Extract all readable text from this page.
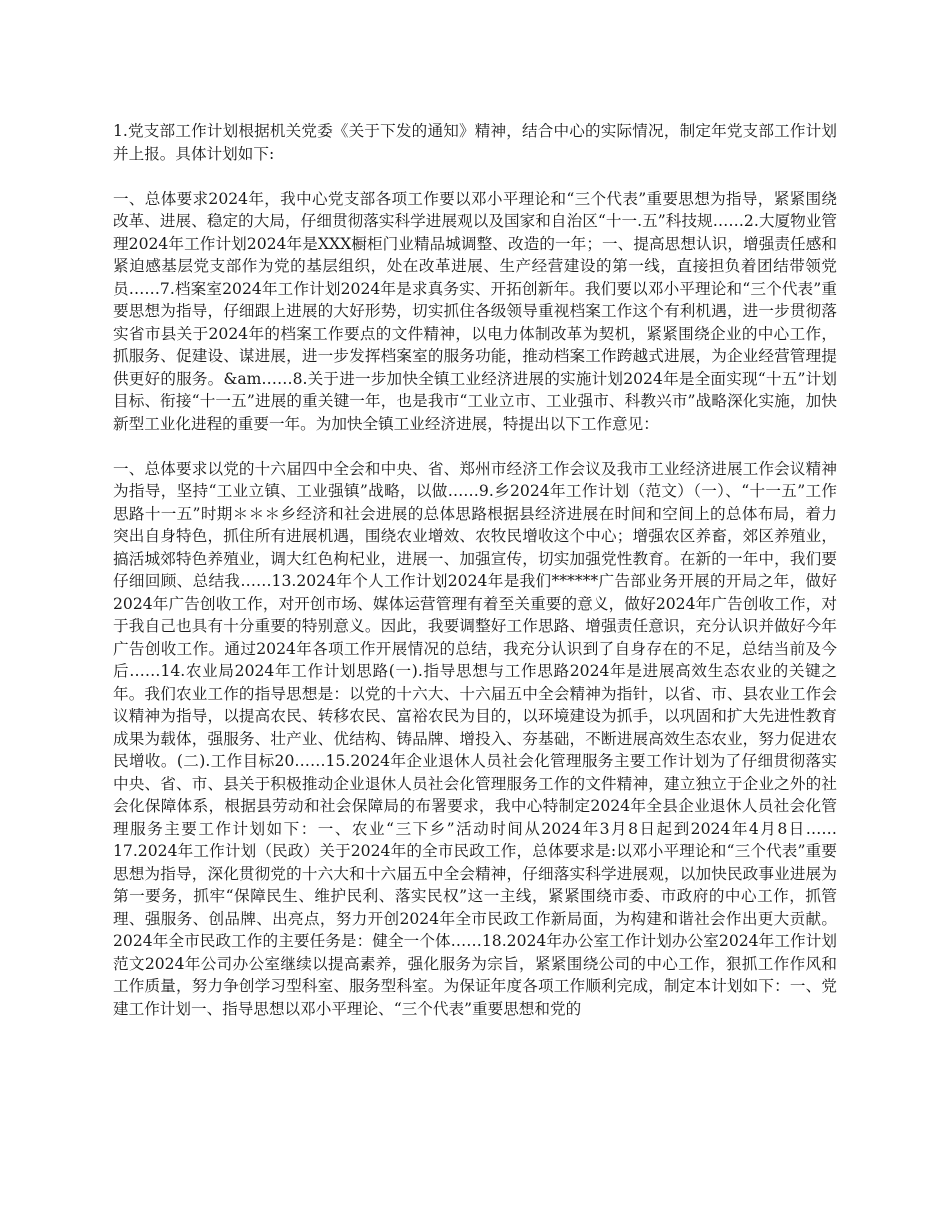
1.党支部工作计划根据机关党委《关于下发的通知》精神，结合中心的实际情况，制定年党支部工作计划并上报。具体计划如下:

一、总体要求2024年，我中心党支部各项工作要以邓小平理论和“三个代表”重要思想为指导，紧紧围绕改革、进展、稳定的大局，仔细贯彻落实科学进展观以及国家和自治区“十一.五”科技规……2.大厦物业管理2024年工作计划2024年是XXX橱柜门业精品城调整、改造的一年；一、提高思想认识，增强责任感和紧迫感基层党支部作为党的基层组织，处在改革进展、生产经营建设的第一线，直接担负着团结带领党员……7.档案室2024年工作计划2024年是求真务实、开拓创新年。我们要以邓小平理论和“三个代表”重要思想为指导，仔细跟上进展的大好形势，切实抓住各级领导重视档案工作这个有利机遇，进一步贯彻落实省市县关于2024年的档案工作要点的文件精神，以电力体制改革为契机，紧紧围绕企业的中心工作，抓服务、促建设、谋进展，进一步发挥档案室的服务功能，推动档案工作跨越式进展，为企业经营管理提供更好的服务。&am……8.关于进一步加快全镇工业经济进展的实施计划2024年是全面实现“十五”计划目标、衔接“十一五”进展的重关键一年，也是我市“工业立市、工业强市、科教兴市”战略深化实施，加快新型工业化进程的重要一年。为加快全镇工业经济进展，特提出以下工作意见：

一、总体要求以党的十六届四中全会和中央、省、郑州市经济工作会议及我市工业经济进展工作会议精神为指导，坚持“工业立镇、工业强镇”战略，以做……9.乡2024年工作计划（范文）（一）、“十一五”工作思路十一五”时期＊＊＊乡经济和社会进展的总体思路根据县经济进展在时间和空间上的总体布局，着力突出自身特色，抓住所有进展机遇，围绕农业增效、农牧民增收这个中心；增强农区养畜，郊区养殖业，搞活城郊特色养殖业，调大红色枸杞业，进展一、加强宣传，切实加强党性教育。在新的一年中，我们要仔细回顾、总结我……13.2024年个人工作计划2024年是我们******广告部业务开展的开局之年，做好2024年广告创收工作，对开创市场、媒体运营管理有着至关重要的意义，做好2024年广告创收工作，对于我自己也具有十分重要的特别意义。因此，我要调整好工作思路、增强责任意识，充分认识并做好今年广告创收工作。通过2024年各项工作开展情况的总结，我充分认识到了自身存在的不足，总结当前及今后……14.农业局2024年工作计划思路(一).指导思想与工作思路2024年是进展高效生态农业的关键之年。我们农业工作的指导思想是：以党的十六大、十六届五中全会精神为指针，以省、市、县农业工作会议精神为指导，以提高农民、转移农民、富裕农民为目的，以环境建设为抓手，以巩固和扩大先进性教育成果为载体，强服务、壮产业、优结构、铸品牌、增投入、夯基础，不断进展高效生态农业，努力促进农民增收。(二).工作目标20……15.2024年企业退休人员社会化管理服务主要工作计划为了仔细贯彻落实中央、省、市、县关于积极推动企业退休人员社会化管理服务工作的文件精神，建立独立于企业之外的社会化保障体系，根据县劳动和社会保障局的布署要求，我中心特制定2024年全县企业退休人员社会化管理服务主要工作计划如下：一、农业“三下乡”活动时间从2024年3月8日起到2024年4月8日……17.2024年工作计划（民政）关于2024年的全市民政工作，总体要求是:以邓小平理论和“三个代表”重要思想为指导，深化贯彻党的十六大和十六届五中全会精神，仔细落实科学进展观，以加快民政事业进展为第一要务，抓牢“保障民生、维护民利、落实民权”这一主线，紧紧围绕市委、市政府的中心工作，抓管理、强服务、创品牌、出亮点，努力开创2024年全市民政工作新局面，为构建和谐社会作出更大贡献。2024年全市民政工作的主要任务是：健全一个体……18.2024年办公室工作计划办公室2024年工作计划范文2024年公司办公室继续以提高素养，强化服务为宗旨，紧紧围绕公司的中心工作，狠抓工作作风和工作质量，努力争创学习型科室、服务型科室。为保证年度各项工作顺利完成，制定本计划如下：一、党建工作计划一、指导思想以邓小平理论、“三个代表”重要思想和党的
